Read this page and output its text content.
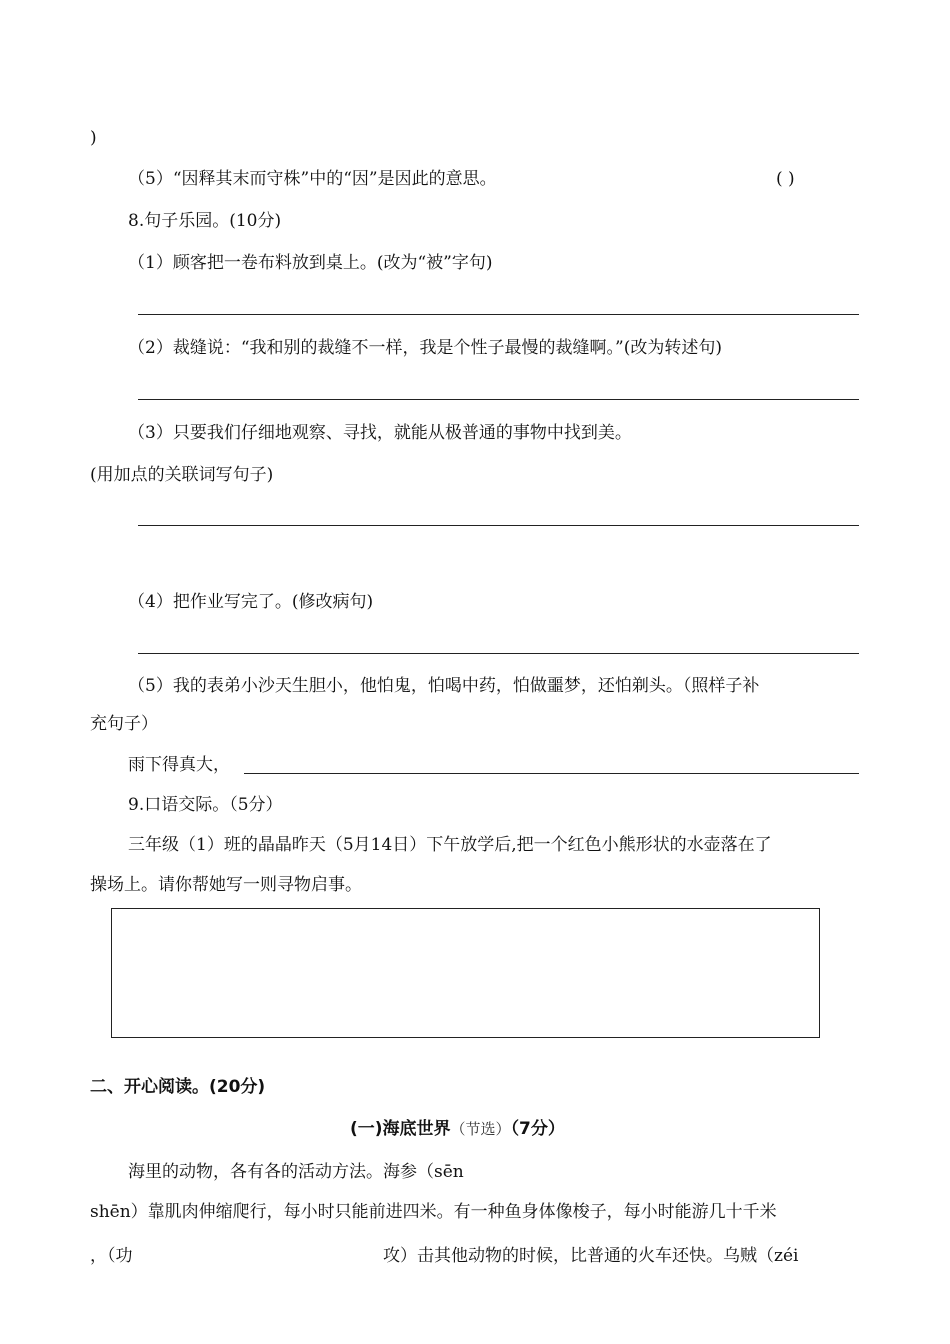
)
（5）“因释其末而守株”中的“因”是因此的意思。	( )
8.句子乐园。(10分)
（1）顾客把一卷布料放到桌上。(改为“被”字句)
（2）裁缝说：“我和别的裁缝不一样，我是个性子最慢的裁缝啊。”(改为转述句)
（3）只要我们仔细地观察、寻找，就能从极普通的事物中找到美。
(用加点的关联词写句子)
（4）把作业写完了。(修改病句)
（5）我的表弟小沙天生胆小，他怕鬼，怕喝中药，怕做噩梦，还怕剃头。（照样子补
充句子）
雨下得真大，
9.口语交际。（5分）
三年级（1）班的晶晶昨天（5月14日）下午放学后,把一个红色小熊形状的水壶落在了
操场上。请你帮她写一则寻物启事。
二、开心阅读。(20分)
(一)海底世界（节选）（7分）
海里的动物，各有各的活动方法。海参（sēn
shēn）靠肌肉伸缩爬行，每小时只能前进四米。有一种鱼身体像梭子，每小时能游几十千米
，（功	攻）击其他动物的时候，比普通的火车还快。乌贼（zéi
